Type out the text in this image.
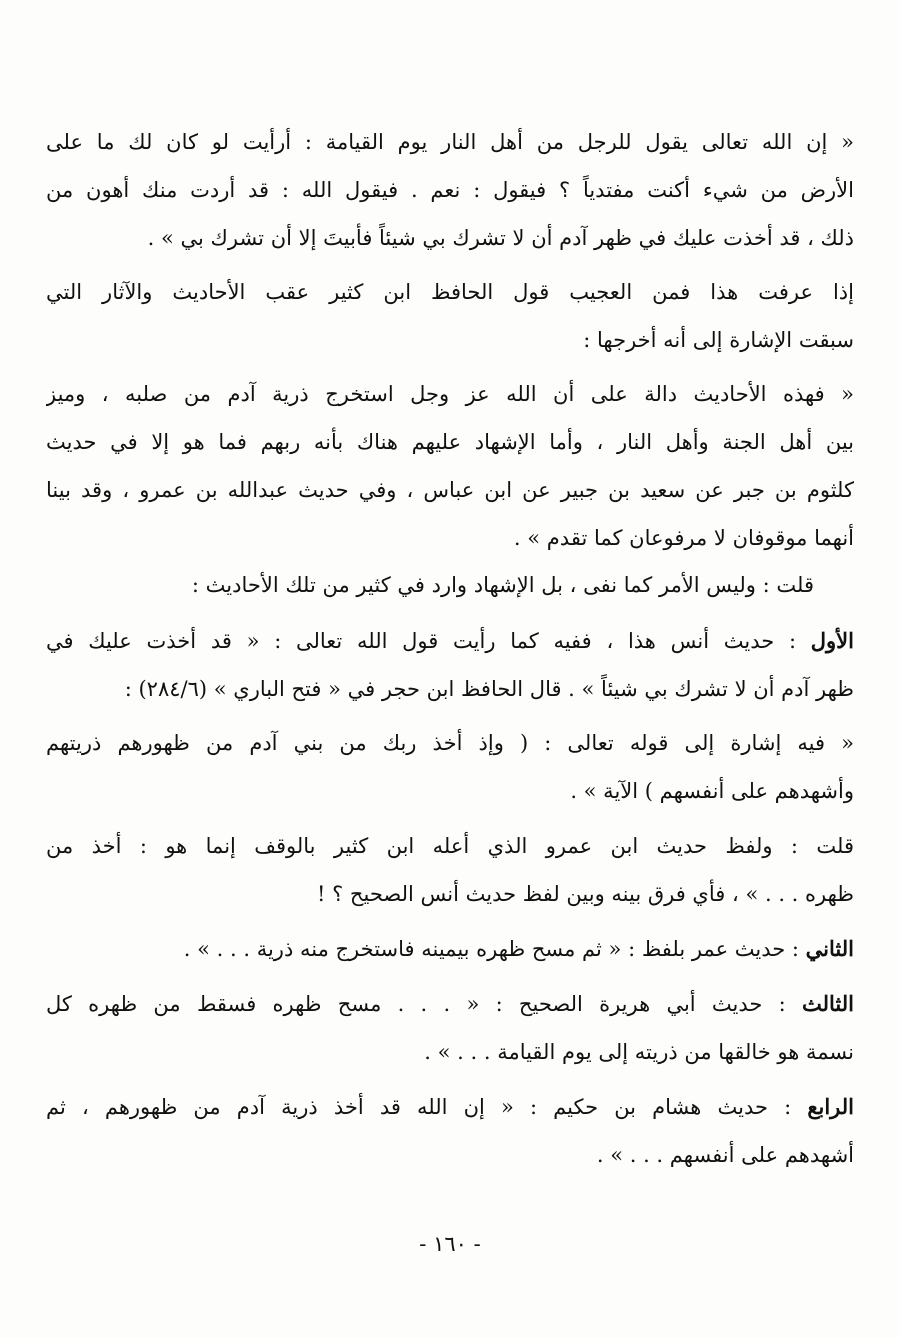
« إن الله تعالى يقول للرجل من أهل النار يوم القيامة : أرأيت لو كان لك ما على
الأرض من شيء أكنت مفتدياً ؟ فيقول : نعم . فيقول الله : قد أردت منك أهون من
ذلك ، قد أخذت عليك في ظهر آدم أن لا تشرك بي شيئاً فأبيتَ إلا أن تشرك بي » .
إذا عرفت هذا فمن العجيب قول الحافظ ابن كثير عقب الأحاديث والآثار التي
سبقت الإشارة إلى أنه أخرجها :
« فهذه الأحاديث دالة على أن الله عز وجل استخرج ذرية آدم من صلبه ، وميز
بين أهل الجنة وأهل النار ، وأما الإشهاد عليهم هناك بأنه ربهم فما هو إلا في حديث
كلثوم بن جبر عن سعيد بن جبير عن ابن عباس ، وفي حديث عبدالله بن عمرو ، وقد بينا
أنهما موقوفان لا مرفوعان كما تقدم » .
قلت : وليس الأمر كما نفى ، بل الإشهاد وارد في كثير من تلك الأحاديث :
الأول : حديث أنس هذا ، ففيه كما رأيت قول الله تعالى : « قد أخذت عليك في
ظهر آدم أن لا تشرك بي شيئاً » . قال الحافظ ابن حجر في « فتح الباري » (٢٨٤/٦) :
« فيه إشارة إلى قوله تعالى : ( وإذ أخذ ربك من بني آدم من ظهورهم ذريتهم
وأشهدهم على أنفسهم ) الآية » .
قلت : ولفظ حديث ابن عمرو الذي أعله ابن كثير بالوقف إنما هو : أخذ من
ظهره . . . » ، فأي فرق بينه وبين لفظ حديث أنس الصحيح ؟ !
الثاني : حديث عمر بلفظ : « ثم مسح ظهره بيمينه فاستخرج منه ذرية . . . » .
الثالث : حديث أبي هريرة الصحيح : « . . . مسح ظهره فسقط من ظهره كل
نسمة هو خالقها من ذريته إلى يوم القيامة . . . » .
الرابع : حديث هشام بن حكيم : « إن الله قد أخذ ذرية آدم من ظهورهم ، ثم
أشهدهم على أنفسهم . . . » .
- ١٦٠ -
